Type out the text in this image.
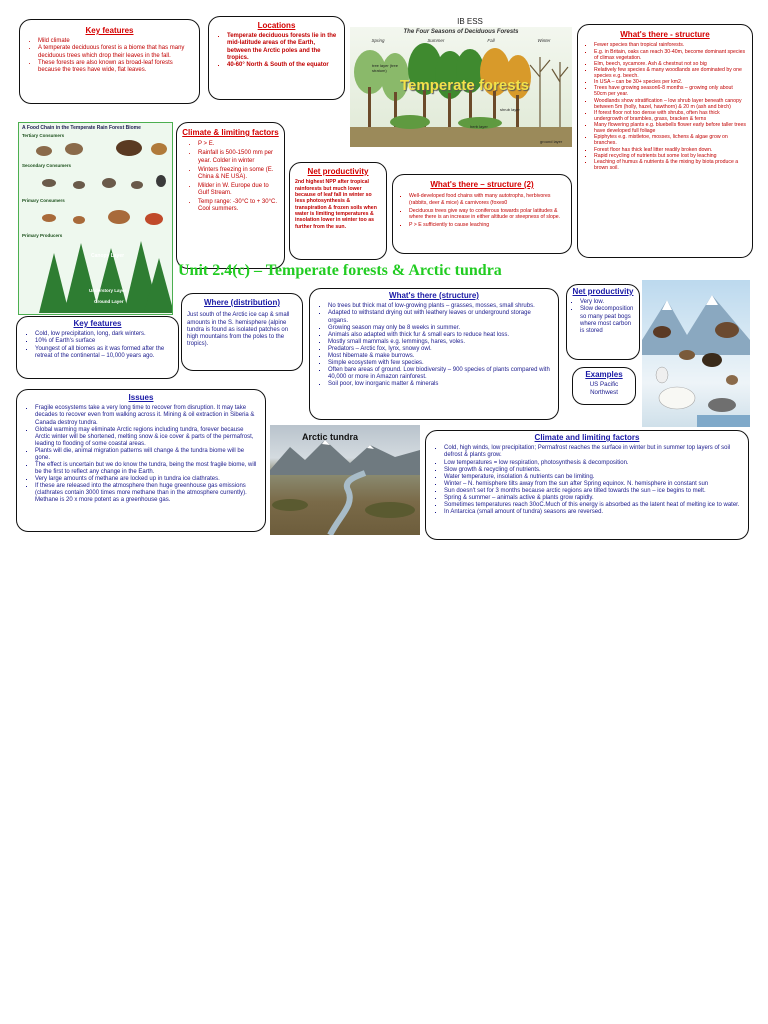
Key features
• Mild climate
• A temperate deciduous forest is a biome that has many deciduous trees which drop their leaves in the fall.
• These forests are also known as broad-leaf forests because the trees have wide, flat leaves.
Locations
▪ Temperate deciduous forests lie in the mid-latitude areas of the Earth, between the Arctic poles and the tropics.
▪ 40-60° North & South of the equator
IB ESS
The Four Seasons of Deciduous Forests
Spring	Summer	Fall	Winter
Temperate forests
tree layer (tree stratum)
shrub layer
herb layer
ground layer
What's there - structure
▪ Fewer species than tropical rainforests.
▪ E.g. in Britain, oaks can reach 30-40m, become dominant species of climax vegetation.
▪ Elm, beech, sycamore. Ash & chestnut not so big
▪ Relatively few species & many woodlands are dominated by one species e.g. beech.
▪ In USA – can be 30+ species per km2.
▪ Trees have growing season6-8 months – growing only about 50cm per year.
▪ Woodlands show stratification – low shrub layer beneath canopy between 5m (holly, hazel, hawthorn) & 20 m (ash and birch)
▪ If forest floor not too dense with shrubs, often has thick undergrowth of brambles, grass, bracken & ferns
▪ Many flowering plants e.g. bluebells flower early before taller trees have developed full foliage
▪ Epiphytes e.g. mistletoe, mosses, lichens & algae grow on branches.
▪ Forest floor has thick leaf litter readily broken down.
▪ Rapid recycling of nutrients but some lost by leaching
▪ Leaching of humus & nutrients & the mixing by biota produce a brown soil.
A Food Chain in the Temperate Rain Forest Biome
Tertiary Consumers
Secondary Consumers
Primary Consumers
Primary Producers
Canopy Layer
Understory Layer
Ground Layer
Climate & limiting factors
• P > E.
• Rainfall is 500-1500 mm per year. Colder in winter
• Winters freezing in some (E. China & NE USA).
• Milder in W. Europe due to Gulf Stream.
• Temp range: -30°C to + 30°C. Cool summers.
Net productivity
2nd highest NPP after tropical rainforests but much lower because of leaf fall in winter so less photosynthesis & transpiration & frozen soils when water is limiting temperatures & insolation lower in winter too as further from the sun.
What's there – structure (2)
▪ Well-developed food chains with many autotrophs, herbivores (rabbits, deer & mice) & carnivores (foxes0
▪ Deciduous trees give way to coniferous towards polar latitudes & where there is an increase in either altitude or steepness of slope.
▪ P > E sufficiently to cause leaching
Unit 2.4(c) – Temperate forests & Arctic tundra
Key features
▪ Cold, low precipitation, long, dark winters.
▪ 10% of Earth's surface
▪ Youngest of all biomes as it was formed after the retreat of the continental – 10,000 years ago.
Where (distribution)
Just south of the Arctic ice cap & small amounts in the S. hemisphere (alpine tundra is found as isolated patches on high mountains from the poles to the tropics).
What's there (structure)
▪ No trees but thick mat of low-growing plants – grasses, mosses, small shrubs.
▪ Adapted to withstand drying out with leathery leaves or underground storage organs.
▪ Growing season may only be 8 weeks in summer.
▪ Animals also adapted with thick fur & small ears to reduce heat loss.
▪ Mostly small mammals e.g. lemmings, hares, voles.
▪ Predators – Arctic fox, lynx, snowy owl.
▪ Most hibernate & make burrows.
▪ Simple ecosystem with few species.
▪ Often bare areas of ground. Low biodiversity – 900 species of plants compared with 40,000 or more in Amazon rainforest.
▪ Soil poor, low inorganic matter & minerals
Net productivity
▪ Very low.
▪ Slow decomposition so many peat bogs where most carbon is stored
Examples
US Pacific Northwest
Issues
▪ Fragile ecosystems take a very long time to recover from disruption. It may take decades to recover even from walking across it. Mining & oil extraction in Siberia & Canada destroy tundra.
▪ Global warming may eliminate Arctic regions including tundra, forever because Arctic winter will be shortened, melting snow & ice cover & parts of the permafrost, leading to flooding of some coastal areas.
▪ Plants will die, animal migration patterns will change & the tundra biome will be gone.
▪ The effect is uncertain but we do know the tundra, being the most fragile biome, will be the first to reflect any change in the Earth.
▪ Very large amounts of methane are locked up in tundra ice clathrates.
▪ If these are released into the atmosphere then huge greenhouse gas emissions (clathrates contain 3000 times more methane than in the atmosphere currently). Methane is 20 x more potent as a greenhouse gas.
Arctic tundra	Climate and limiting factors
▪ Cold, high winds, low precipitation; Permafrost reaches the surface in winter but in summer top layers of soil defrost & plants grow.
▪ Low temperatures = low respiration, photosynthesis & decomposition.
▪ Slow growth & recycling of nutrients.
▪ Water temperature, insolation & nutrients can be limiting.
▪ Winter – N. hemisphere tilts away from the sun after Spring equinox. N. hemisphere in constant sun
▪ Sun doesn't set for 3 months because arctic regions are tilted towards the sun – ice begins to melt.
▪ Spring & summer – animals active & plants grow rapidly.
▪ Sometimes temperatures reach 30oC.Much of this energy is absorbed as the latent heat of melting ice to water.
▪ In Antarcica (small amount of tundra) seasons are reversed.
